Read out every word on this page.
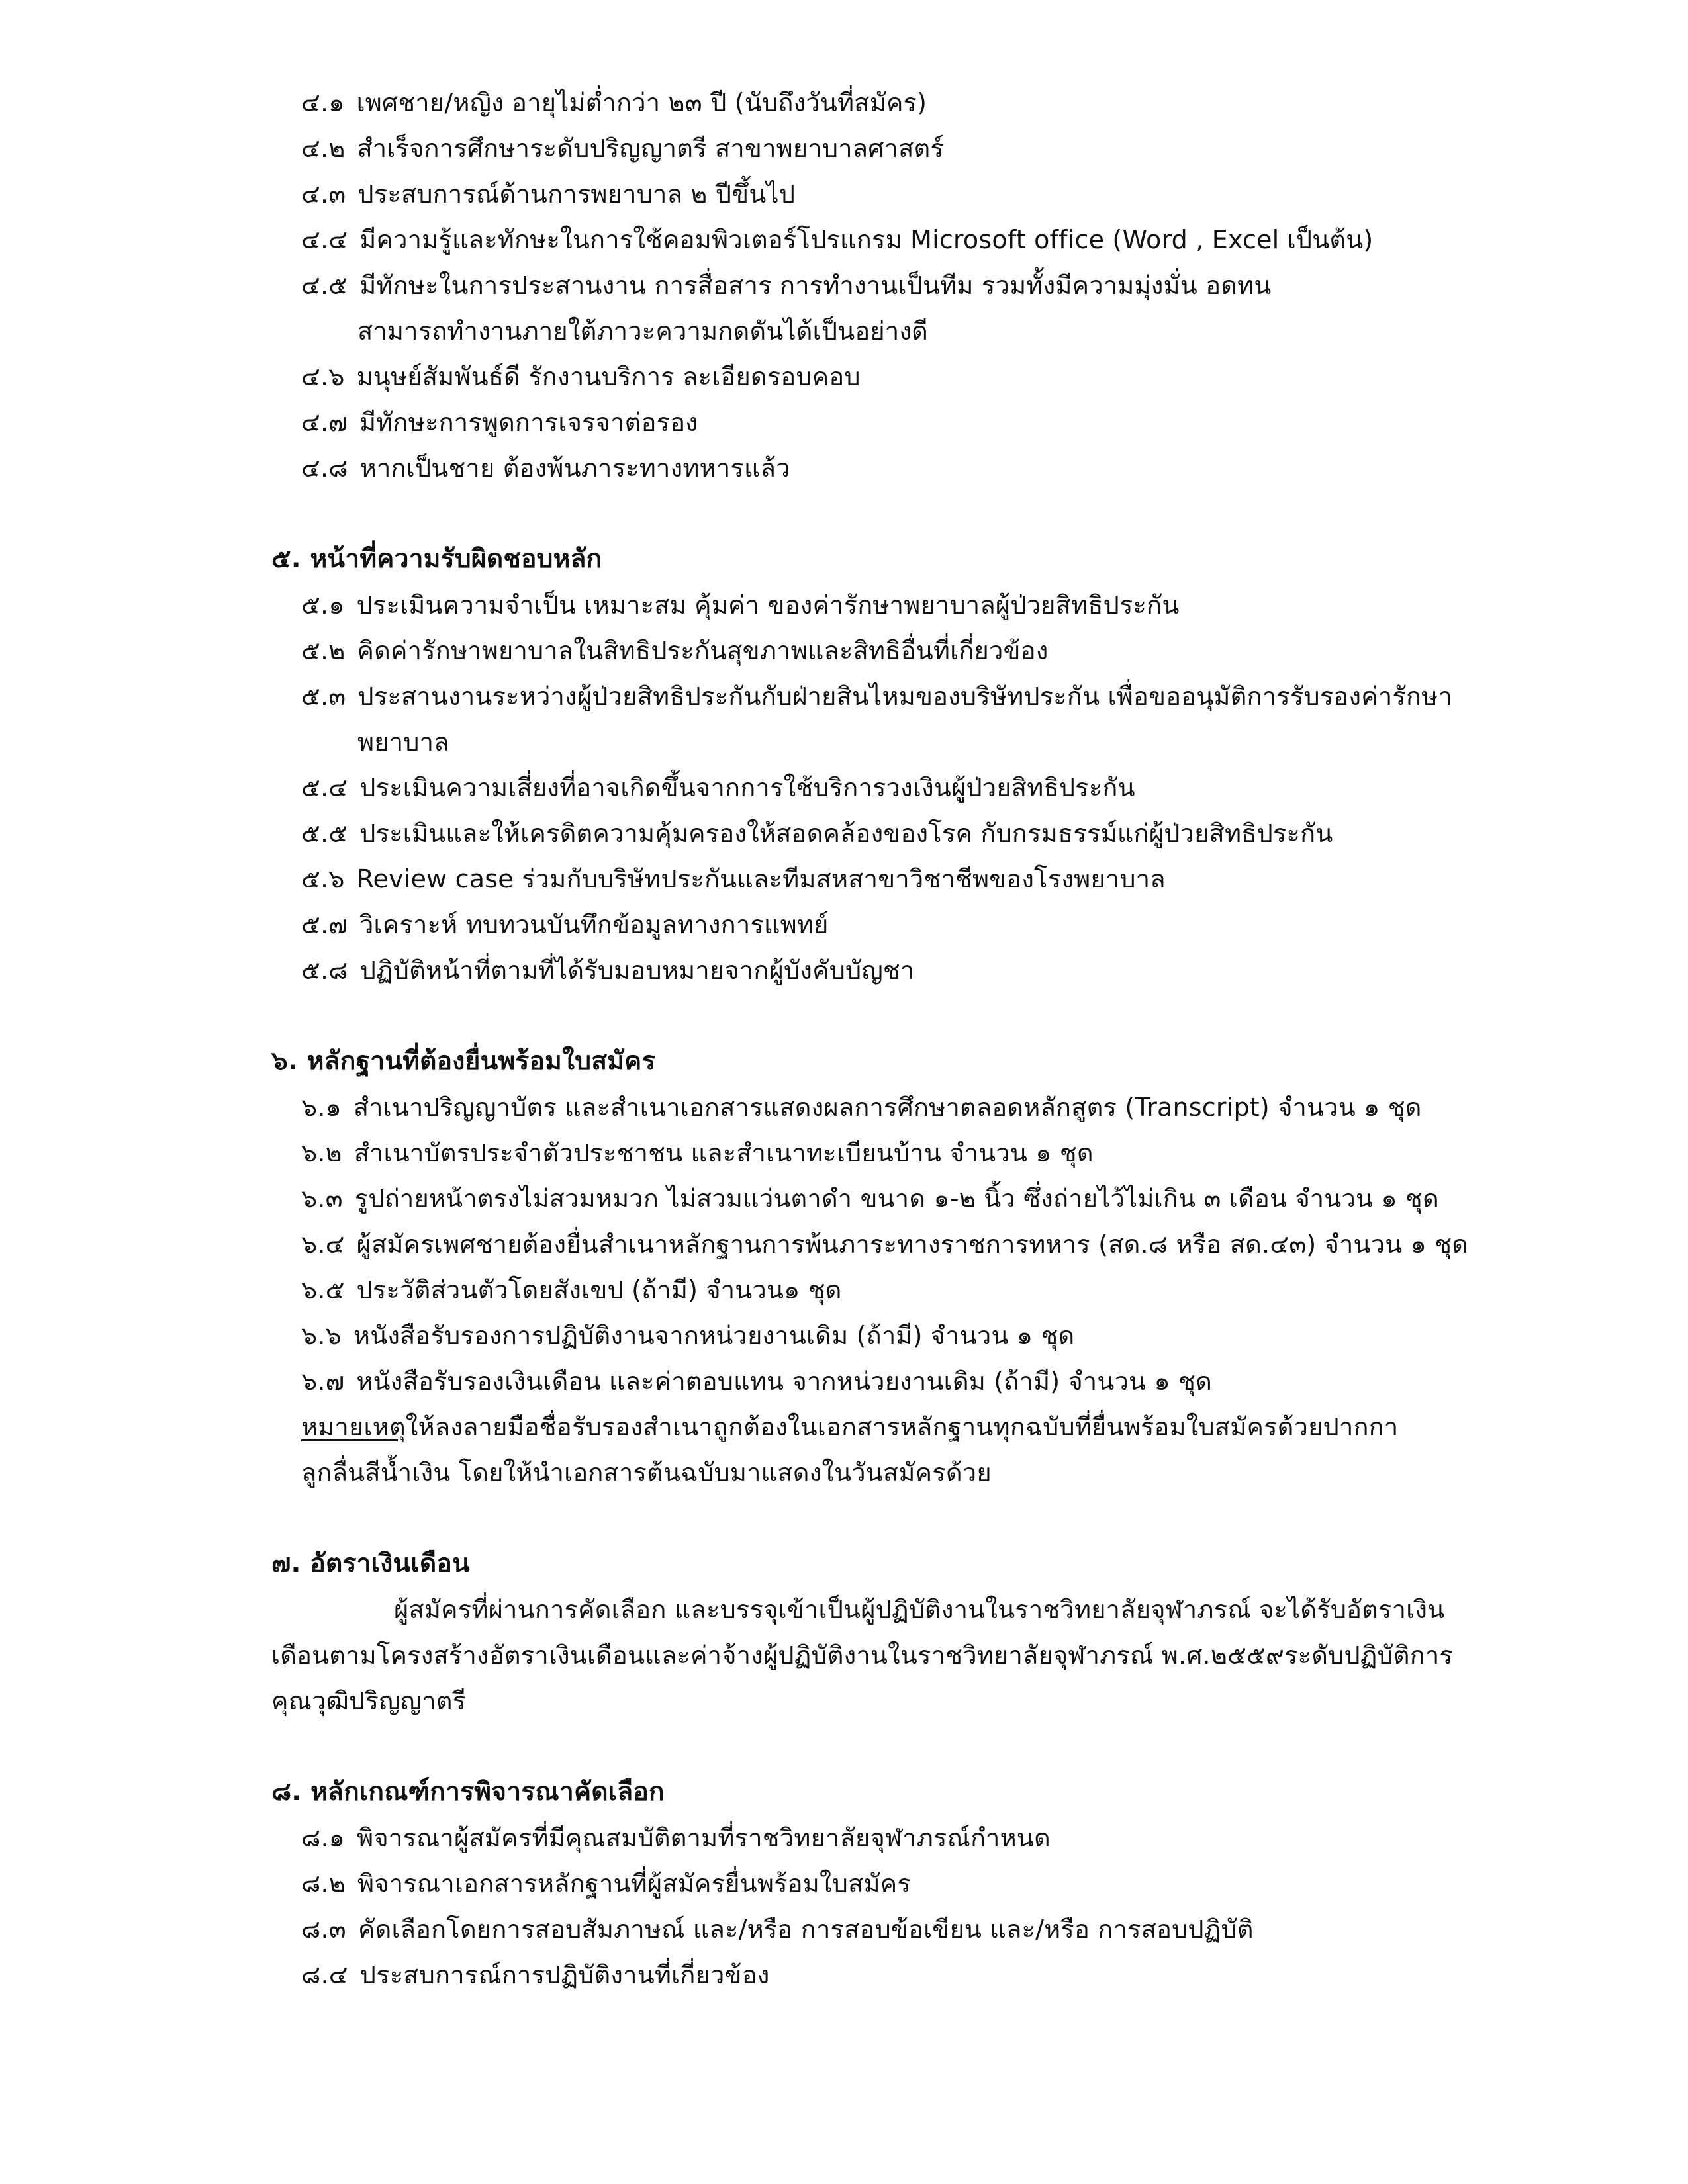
๔.๑ เพศชาย/หญิง อายุไม่ต่ำกว่า ๒๓ ปี (นับถึงวันที่สมัคร)
๔.๒ สำเร็จการศึกษาระดับปริญญาตรี สาขาพยาบาลศาสตร์
๔.๓ ประสบการณ์ด้านการพยาบาล ๒ ปีขึ้นไป
๔.๔ มีความรู้และทักษะในการใช้คอมพิวเตอร์โปรแกรม Microsoft office (Word , Excel เป็นต้น)
๔.๕ มีทักษะในการประสานงาน การสื่อสาร การทำงานเป็นทีม รวมทั้งมีความมุ่งมั่น อดทน
สามารถทำงานภายใต้ภาวะความกดดันได้เป็นอย่างดี
๔.๖ มนุษย์สัมพันธ์ดี รักงานบริการ ละเอียดรอบคอบ
๔.๗ มีทักษะการพูดการเจรจาต่อรอง
๔.๘ หากเป็นชาย ต้องพ้นภาระทางทหารแล้ว
๕. หน้าที่ความรับผิดชอบหลัก
๕.๑ ประเมินความจำเป็น เหมาะสม คุ้มค่า ของค่ารักษาพยาบาลผู้ป่วยสิทธิประกัน
๕.๒ คิดค่ารักษาพยาบาลในสิทธิประกันสุขภาพและสิทธิอื่นที่เกี่ยวข้อง
๕.๓ ประสานงานระหว่างผู้ป่วยสิทธิประกันกับฝ่ายสินไหมของบริษัทประกัน เพื่อขออนุมัติการรับรองค่ารักษา
พยาบาล
๕.๔ ประเมินความเสี่ยงที่อาจเกิดขึ้นจากการใช้บริการวงเงินผู้ป่วยสิทธิประกัน
๕.๕ ประเมินและให้เครดิตความคุ้มครองให้สอดคล้องของโรค กับกรมธรรม์แก่ผู้ป่วยสิทธิประกัน
๕.๖ Review case ร่วมกับบริษัทประกันและทีมสหสาขาวิชาชีพของโรงพยาบาล
๕.๗ วิเคราะห์ ทบทวนบันทึกข้อมูลทางการแพทย์
๕.๘ ปฏิบัติหน้าที่ตามที่ได้รับมอบหมายจากผู้บังคับบัญชา
๖. หลักฐานที่ต้องยื่นพร้อมใบสมัคร
๖.๑ สำเนาปริญญาบัตร และสำเนาเอกสารแสดงผลการศึกษาตลอดหลักสูตร (Transcript) จำนวน ๑ ชุด
๖.๒ สำเนาบัตรประจำตัวประชาชน และสำเนาทะเบียนบ้าน จำนวน ๑ ชุด
๖.๓ รูปถ่ายหน้าตรงไม่สวมหมวก ไม่สวมแว่นตาดำ ขนาด ๑-๒ นิ้ว ซึ่งถ่ายไว้ไม่เกิน ๓ เดือน จำนวน ๑ ชุด
๖.๔ ผู้สมัครเพศชายต้องยื่นสำเนาหลักฐานการพ้นภาระทางราชการทหาร (สด.๘ หรือ สด.๔๓) จำนวน ๑ ชุด
๖.๕ ประวัติส่วนตัวโดยสังเขป (ถ้ามี) จำนวน๑ ชุด
๖.๖ หนังสือรับรองการปฏิบัติงานจากหน่วยงานเดิม (ถ้ามี) จำนวน ๑ ชุด
๖.๗ หนังสือรับรองเงินเดือน และค่าตอบแทน จากหน่วยงานเดิม (ถ้ามี) จำนวน ๑ ชุด
หมายเหตุให้ลงลายมือชื่อรับรองสำเนาถูกต้องในเอกสารหลักฐานทุกฉบับที่ยื่นพร้อมใบสมัครด้วยปากกา
ลูกลื่นสีน้ำเงิน โดยให้นำเอกสารต้นฉบับมาแสดงในวันสมัครด้วย
๗. อัตราเงินเดือน
ผู้สมัครที่ผ่านการคัดเลือก และบรรจุเข้าเป็นผู้ปฏิบัติงานในราชวิทยาลัยจุฬาภรณ์ จะได้รับอัตราเงิน
เดือนตามโครงสร้างอัตราเงินเดือนและค่าจ้างผู้ปฏิบัติงานในราชวิทยาลัยจุฬาภรณ์ พ.ศ.๒๕๕๙ระดับปฏิบัติการ
คุณวุฒิปริญญาตรี
๘. หลักเกณฑ์การพิจารณาคัดเลือก
๘.๑ พิจารณาผู้สมัครที่มีคุณสมบัติตามที่ราชวิทยาลัยจุฬาภรณ์กำหนด
๘.๒ พิจารณาเอกสารหลักฐานที่ผู้สมัครยื่นพร้อมใบสมัคร
๘.๓ คัดเลือกโดยการสอบสัมภาษณ์ และ/หรือ การสอบข้อเขียน และ/หรือ การสอบปฏิบัติ
๘.๔ ประสบการณ์การปฏิบัติงานที่เกี่ยวข้อง
